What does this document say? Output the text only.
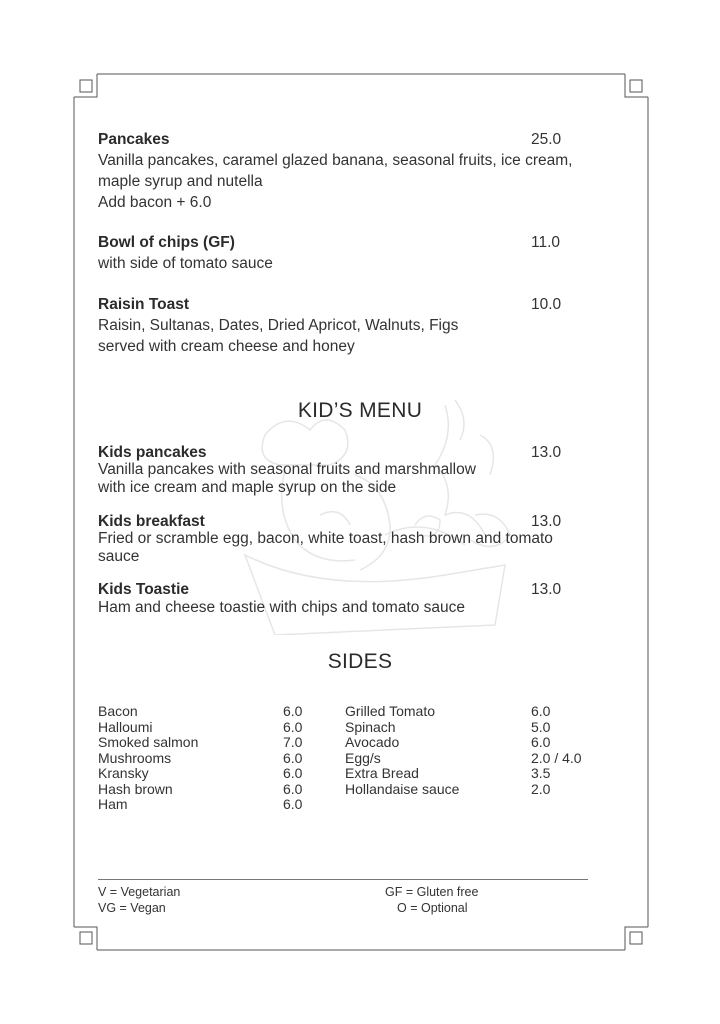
Pancakes	25.0
Vanilla pancakes, caramel glazed banana, seasonal fruits, ice cream,
maple syrup and nutella
Add bacon + 6.0
Bowl of chips (GF)	11.0
with side of tomato sauce
Raisin Toast	10.0
Raisin, Sultanas, Dates, Dried Apricot, Walnuts, Figs
served with cream cheese and honey
KID’S MENU
Kids pancakes	13.0
Vanilla pancakes with seasonal fruits and marshmallow
with ice cream and maple syrup on the side
Kids breakfast	13.0
Fried or scramble egg, bacon, white toast, hash brown and tomato
sauce
Kids Toastie	13.0
Ham and cheese toastie with chips and tomato sauce
SIDES
Bacon	6.0
Halloumi	6.0
Smoked salmon	7.0
Mushrooms	6.0
Kransky	6.0
Hash brown	6.0
Ham	6.0
Grilled Tomato	6.0
Spinach	5.0
Avocado	6.0
Egg/s	2.0 / 4.0
Extra Bread	3.5
Hollandaise sauce	2.0
V = Vegetarian
VG = Vegan
GF = Gluten free
O = Optional
